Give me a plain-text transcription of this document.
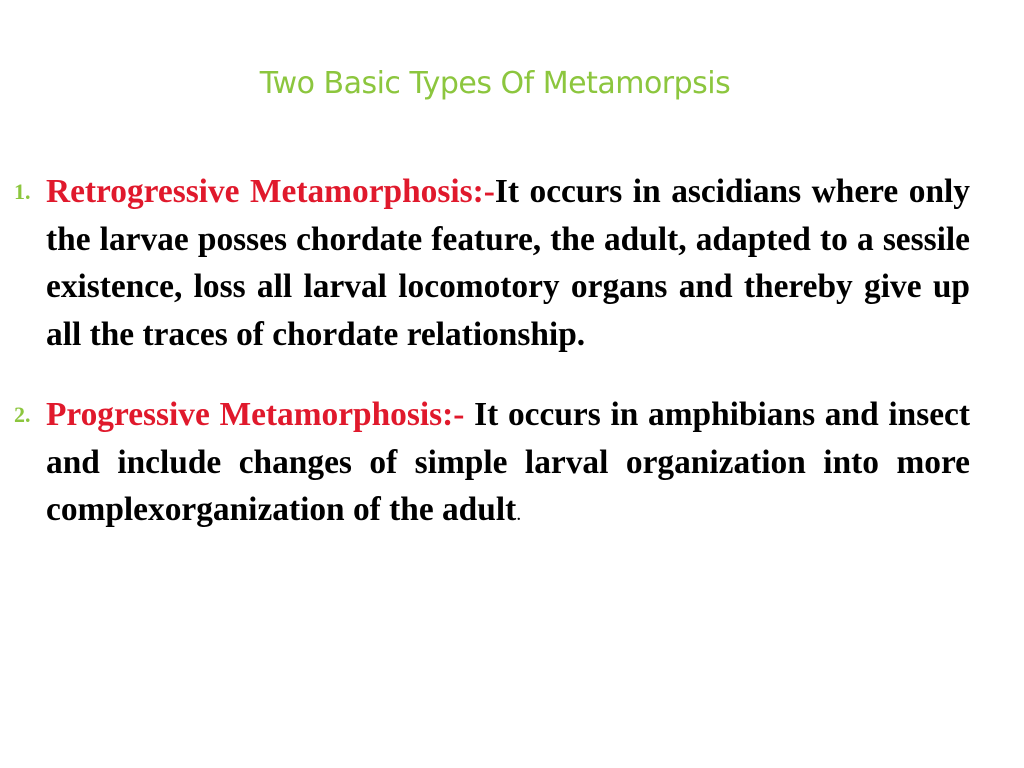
Two Basic Types Of Metamorpsis
1. Retrogressive Metamorphosis:-It occurs in ascidians where only the larvae posses chordate feature, the adult, adapted to a sessile existence, loss all larval locomotory organs and thereby give up all the traces of chordate relationship.
2. Progressive Metamorphosis:- It occurs in amphibians and insect and include changes of simple larval organization into more complexorganization of the adult.
